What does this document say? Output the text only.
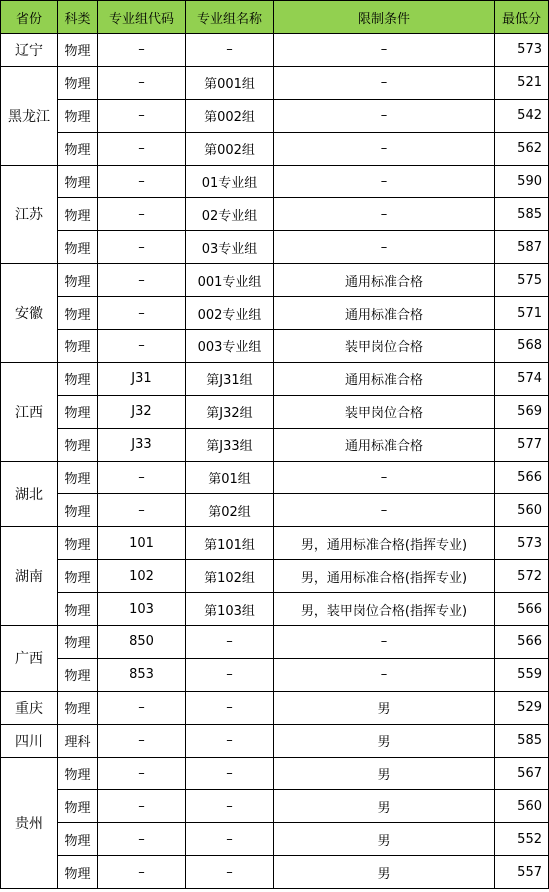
省份	科类	专业组代码	专业组名称	限制条件	最低分
辽宁	物理	–	–	–	573
黑龙江	物理	–	第001组	–	521
	物理	–	第002组	–	542
	物理	–	第002组	–	562
江苏	物理	–	01专业组	–	590
	物理	–	02专业组	–	585
	物理	–	03专业组	–	587
安徽	物理	–	001专业组	通用标准合格	575
	物理	–	002专业组	通用标准合格	571
	物理	–	003专业组	装甲岗位合格	568
江西	物理	J31	第J31组	通用标准合格	574
	物理	J32	第J32组	装甲岗位合格	569
	物理	J33	第J33组	通用标准合格	577
湖北	物理	–	第01组	–	566
	物理	–	第02组	–	560
湖南	物理	101	第101组	男，通用标准合格(指挥专业)	573
	物理	102	第102组	男，通用标准合格(指挥专业)	572
	物理	103	第103组	男，装甲岗位合格(指挥专业)	566
广西	物理	850	–	–	566
	物理	853	–	–	559
重庆	物理	–	–	男	529
四川	理科	–	–	男	585
贵州	物理	–	–	男	567
	物理	–	–	男	560
	物理	–	–	男	552
	物理	–	–	男	557
